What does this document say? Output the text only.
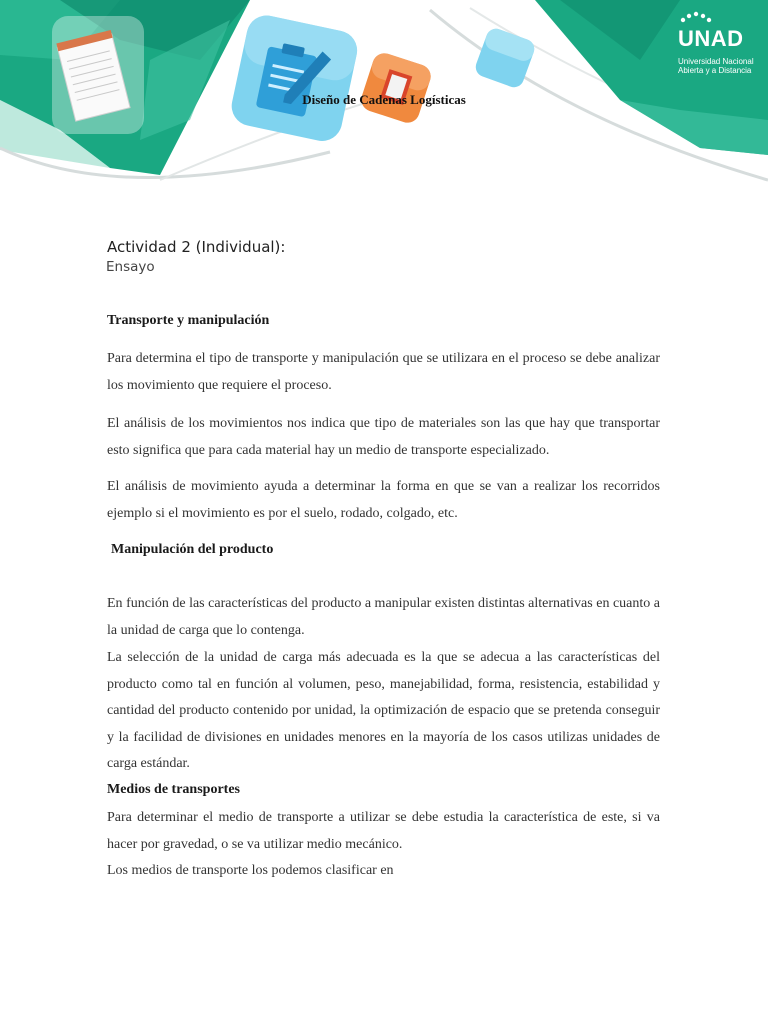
Diseño de Cadenas Logísticas
UNAD
Universidad Nacional
Abierta y a Distancia
Actividad 2 (Individual):
Ensayo
Transporte y manipulación
Para determina el tipo de transporte y manipulación que se utilizara en el proceso se debe analizar los movimiento que requiere el proceso.
El análisis de los movimientos nos indica que tipo de materiales son las que hay que transportar esto significa que para cada material hay un medio de transporte especializado.
El análisis de movimiento ayuda a determinar la forma en que se van a realizar los recorridos ejemplo si el movimiento es por el suelo, rodado, colgado, etc.
Manipulación del producto
En función de las características del producto a manipular existen distintas alternativas en cuanto a la unidad de carga que lo contenga.
La selección de la unidad de carga más adecuada es la que se adecua a las características del producto como tal en función al volumen, peso, manejabilidad, forma, resistencia, estabilidad y cantidad del producto contenido por unidad, la optimización de espacio que se pretenda conseguir y la facilidad de divisiones en unidades menores en la mayoría de los casos utilizas unidades de carga estándar.
Medios de transportes
Para determinar el medio de transporte a utilizar se debe estudia la característica de este, si va hacer por gravedad, o se va utilizar medio mecánico.
Los medios de transporte los podemos clasificar en
